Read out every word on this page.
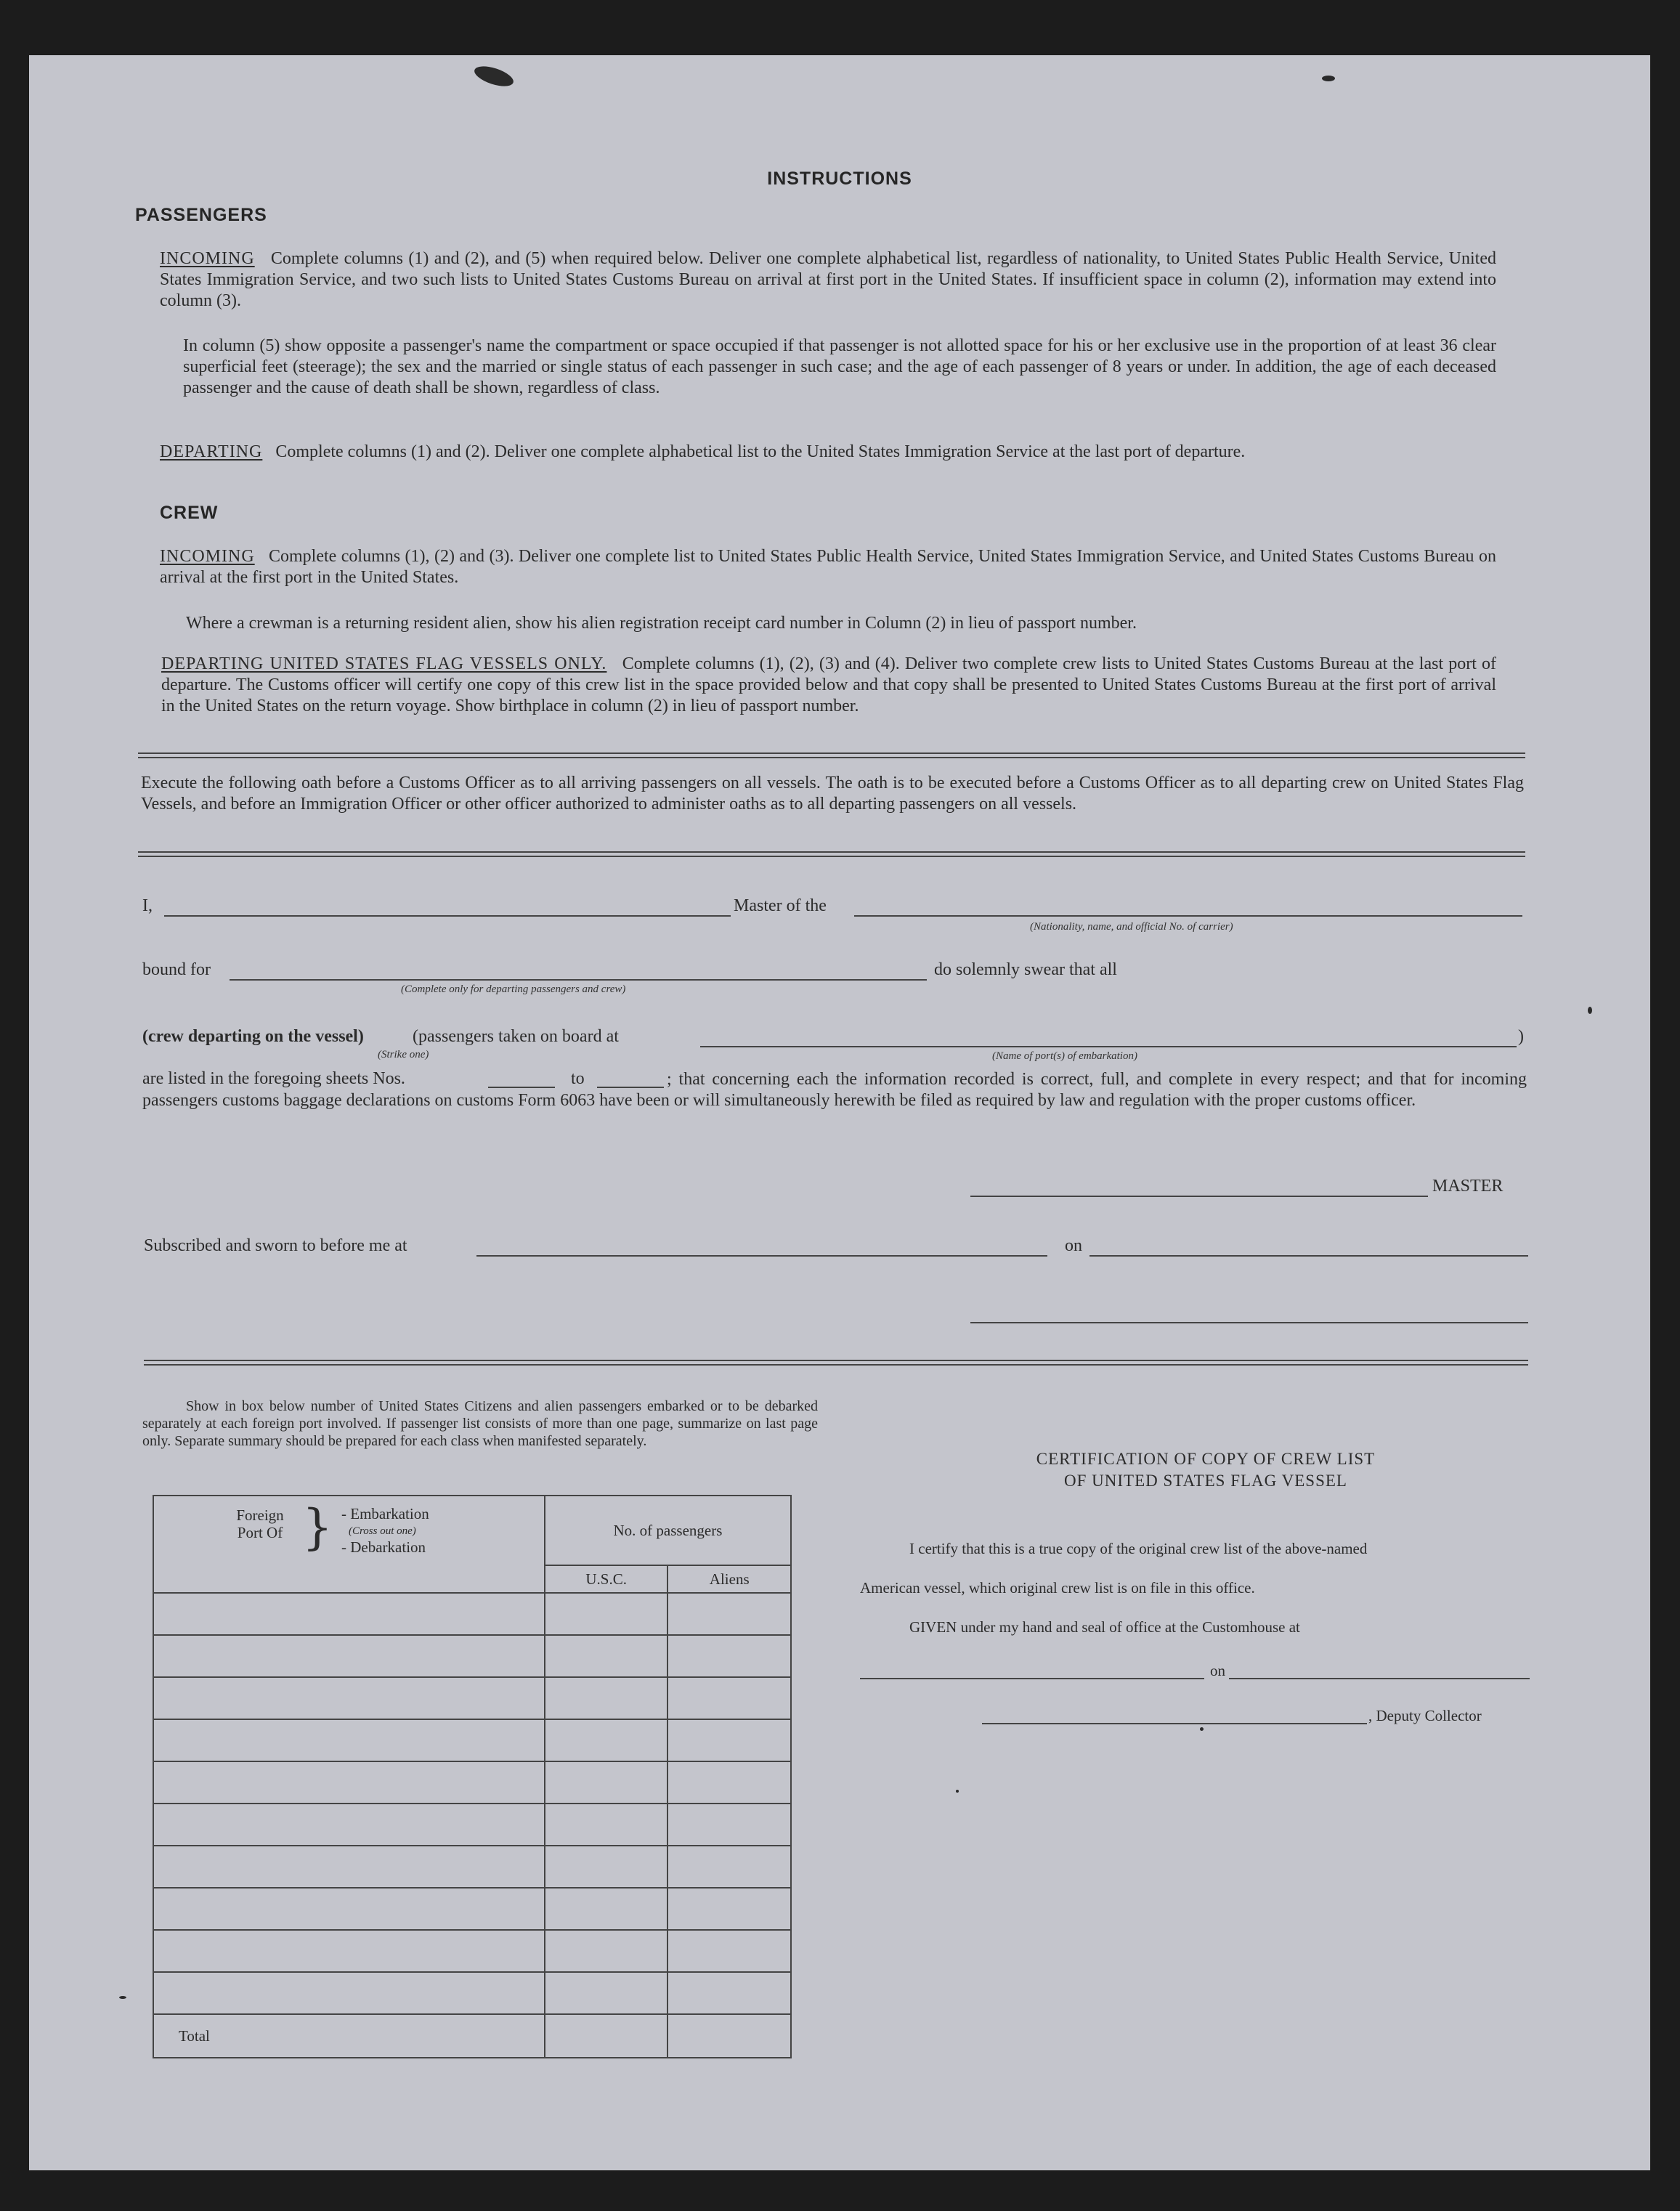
INSTRUCTIONS
PASSENGERS
INCOMING Complete columns (1) and (2), and (5) when required below. Deliver one complete alphabetical list, regardless of nationality, to United States Public Health Service, United States Immigration Service, and two such lists to United States Customs Bureau on arrival at first port in the United States. If insufficient space in column (2), information may extend into column (3).
In column (5) show opposite a passenger's name the compartment or space occupied if that passenger is not allotted space for his or her exclusive use in the proportion of at least 36 clear superficial feet (steerage); the sex and the married or single status of each passenger in such case; and the age of each passenger of 8 years or under. In addition, the age of each deceased passenger and the cause of death shall be shown, regardless of class.
DEPARTING Complete columns (1) and (2). Deliver one complete alphabetical list to the United States Immigration Service at the last port of departure.
CREW
INCOMING Complete columns (1), (2) and (3). Deliver one complete list to United States Public Health Service, United States Immigration Service, and United States Customs Bureau on arrival at the first port in the United States.
Where a crewman is a returning resident alien, show his alien registration receipt card number in Column (2) in lieu of passport number.
DEPARTING UNITED STATES FLAG VESSELS ONLY. Complete columns (1), (2), (3) and (4). Deliver two complete crew lists to United States Customs Bureau at the last port of departure. The Customs officer will certify one copy of this crew list in the space provided below and that copy shall be presented to United States Customs Bureau at the first port of arrival in the United States on the return voyage. Show birthplace in column (2) in lieu of passport number.
Execute the following oath before a Customs Officer as to all arriving passengers on all vessels. The oath is to be executed before a Customs Officer as to all departing crew on United States Flag Vessels, and before an Immigration Officer or other officer authorized to administer oaths as to all departing passengers on all vessels.
I,	Master of the
(Nationality, name, and official No. of carrier)
bound for
(Complete only for departing passengers and crew)
do solemnly swear that all
(crew departing on the vessel)	(passengers taken on board at
(Strike one)
)
(Name of port(s) of embarkation)
are listed in the foregoing sheets Nos.	to	; that concerning each the information recorded is correct, full, and complete in every respect; and that for incoming passengers customs baggage declarations on customs Form 6063 have been or will simultaneously herewith be filed as required by law and regulation with the proper customs officer.
MASTER
Subscribed and sworn to before me at	on
Show in box below number of United States Citizens and alien passengers embarked or to be debarked separately at each foreign port involved. If passenger list consists of more than one page, summarize on last page only. Separate summary should be prepared for each class when manifested separately.
Foreign Port Of } - Embarkation
(Cross out one)
- Debarkation	No. of passengers	
	U.S.C.	Aliens

Total		
CERTIFICATION OF COPY OF CREW LIST
OF UNITED STATES FLAG VESSEL
I certify that this is a true copy of the original crew list of the above-named
American vessel, which original crew list is on file in this office.
GIVEN under my hand and seal of office at the Customhouse at
on
, Deputy Collector
